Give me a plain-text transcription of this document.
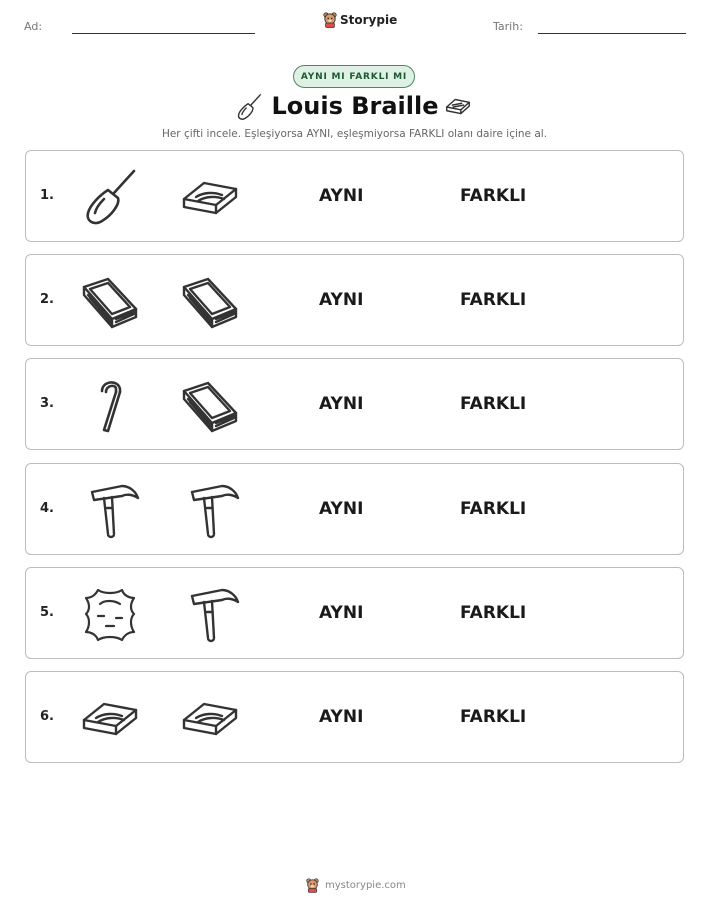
Ad:	Storypie	Tarih:
AYNI MI FARKLI MI
Louis Braille
Her çifti incele. Eşleşiyorsa AYNI, eşleşmiyorsa FARKLI olanı daire içine al.
1.	AYNI	FARKLI
2.	AYNI	FARKLI
3.	AYNI	FARKLI
4.	AYNI	FARKLI
5.	AYNI	FARKLI
6.	AYNI	FARKLI
mystorypie.com
